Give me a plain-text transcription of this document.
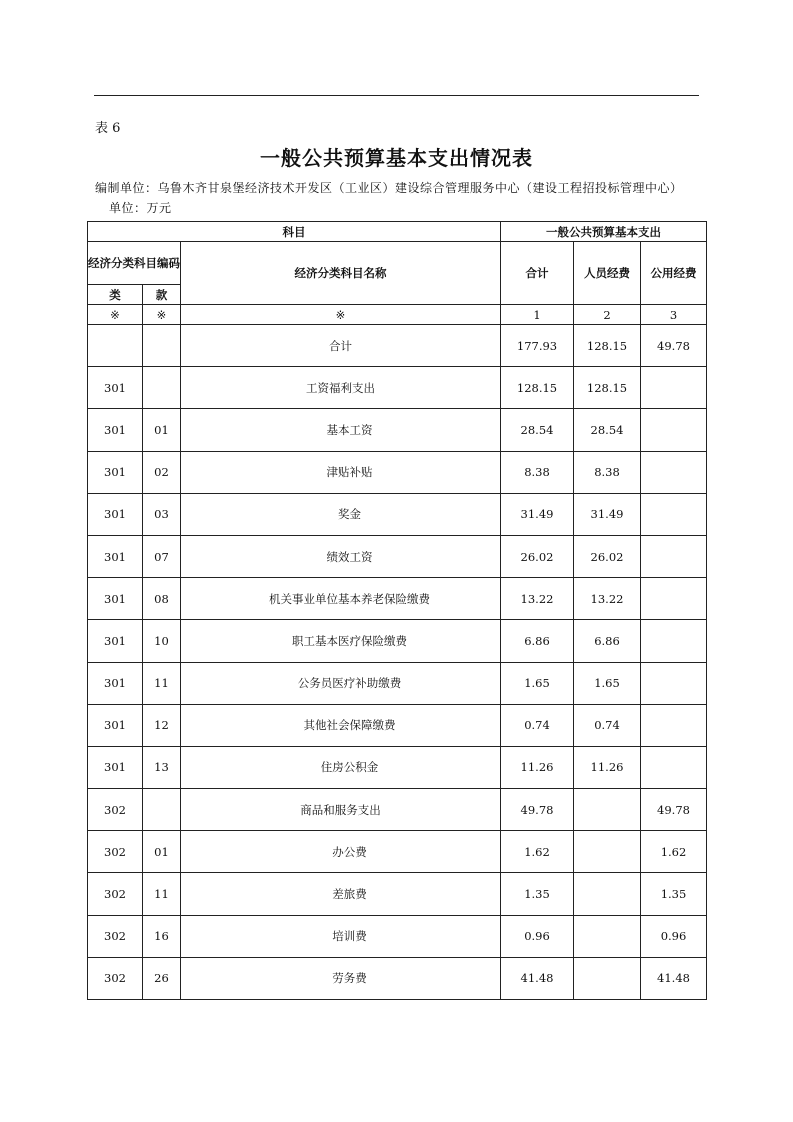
表 6
一般公共预算基本支出情况表
编制单位：乌鲁木齐甘泉堡经济技术开发区（工业区）建设综合管理服务中心（建设工程招投标管理中心）单位：万元
科目			一般公共预算基本支出		
经济分类科目编码		经济分类科目名称	合计	人员经费	公用经费
类	款				
※	※	※	1	2	3
		合计	177.93	128.15	49.78
301		工资福利支出	128.15	128.15	
301	01	基本工资	28.54	28.54	
301	02	津贴补贴	8.38	8.38	
301	03	奖金	31.49	31.49	
301	07	绩效工资	26.02	26.02	
301	08	机关事业单位基本养老保险缴费	13.22	13.22	
301	10	职工基本医疗保险缴费	6.86	6.86	
301	11	公务员医疗补助缴费	1.65	1.65	
301	12	其他社会保障缴费	0.74	0.74	
301	13	住房公积金	11.26	11.26	
302		商品和服务支出	49.78		49.78
302	01	办公费	1.62		1.62
302	11	差旅费	1.35		1.35
302	16	培训费	0.96		0.96
302	26	劳务费	41.48		41.48
